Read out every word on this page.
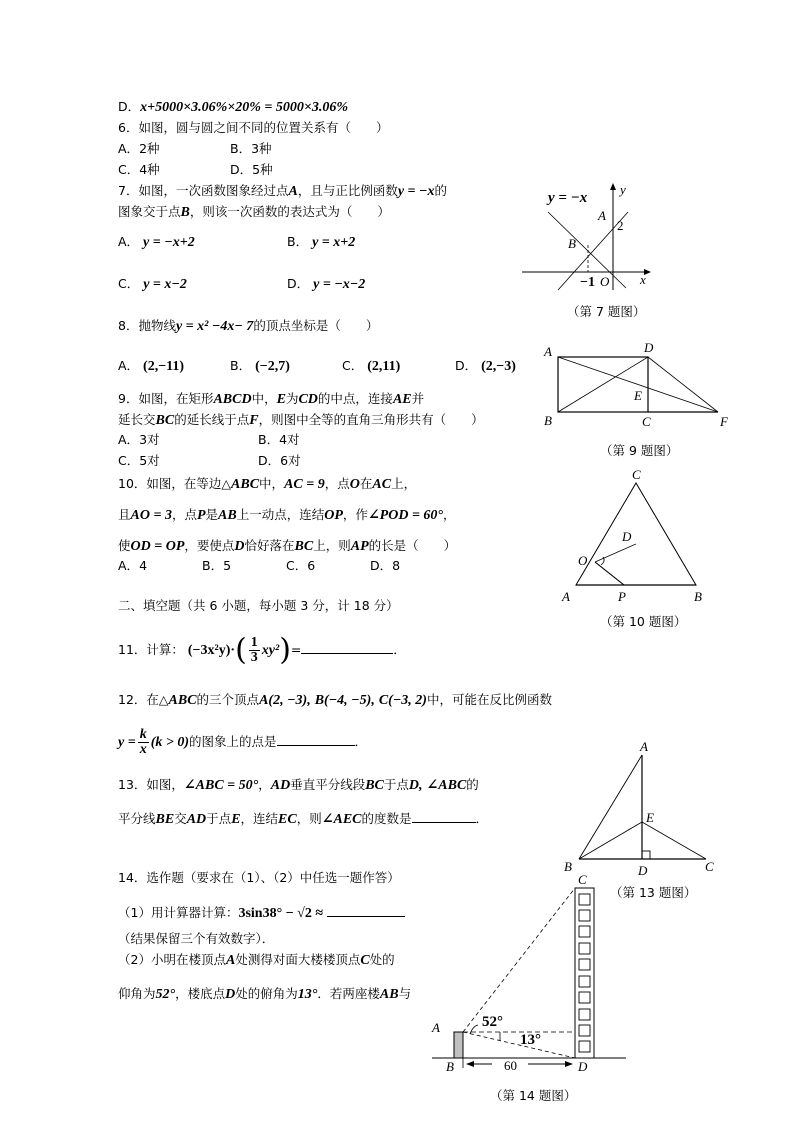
D．x+5000×3.06%×20% = 5000×3.06%
6．如图，圆与圆之间不同的位置关系有（　　）
A．2种	B．3种
C．4种	D．5种
7．如图，一次函数图象经过点A，且与正比例函数y = −x的
图象交于点B，则该一次函数的表达式为（　　）
A． y = −x+2	B． y = x+2
C． y = x−2	D． y = −x−2
y = −x
y
x
A
2
B
−1 O
（第 7 题图）
8．抛物线y = x² −4x− 7的顶点坐标是（　　）
A． (2,−11)	B． (−2,7)	C． (2,11)	D． (2,−3)
9．如图，在矩形ABCD中，E为CD的中点，连接AE并
延长交BC的延长线于点F，则图中全等的直角三角形共有（　　）
A．3对	B．4对
C．5对	D．6对
A	D
E
B	C	F
（第 9 题图）
10．如图，在等边△ABC中，AC = 9，点O在AC上，
且AO = 3，点P是AB上一动点，连结OP，作∠POD = 60°，
使OD = OP，要使点D恰好落在BC上，则AP的长是（　　）
A．4	B．5	C．6	D．8
C
D
O
A	P	B
（第 10 题图）
二、填空题（共 6 小题，每小题 3 分，计 18 分）
11．计算： $(-3x^2y)\cdot( \frac{1}{3} xy^2)=$	．
12．在△ABC的三个顶点A(2, −3), B(−4, −5), C(−3, 2)中，可能在反比例函数
$y = \frac{k}{x} (k > 0)$的图象上的点是	．
13．如图，∠ABC = 50°，AD垂直平分线段BC于点D, ∠ABC的
平分线BE交AD于点E，连结EC，则∠AEC的度数是	．
A
E
B	D	C
（第 13 题图）
14．选作题（要求在（1）、（2）中任选一题作答）
（1）用计算器计算：3sin38° − √2 ≈
（结果保留三个有效数字）．
（2）小明在楼顶点A处测得对面大楼楼顶点C处的
仰角为52°，楼底点D处的俯角为13°．若两座楼AB与
A
C
B	D
52°
13°
60
（第 14 题图）
